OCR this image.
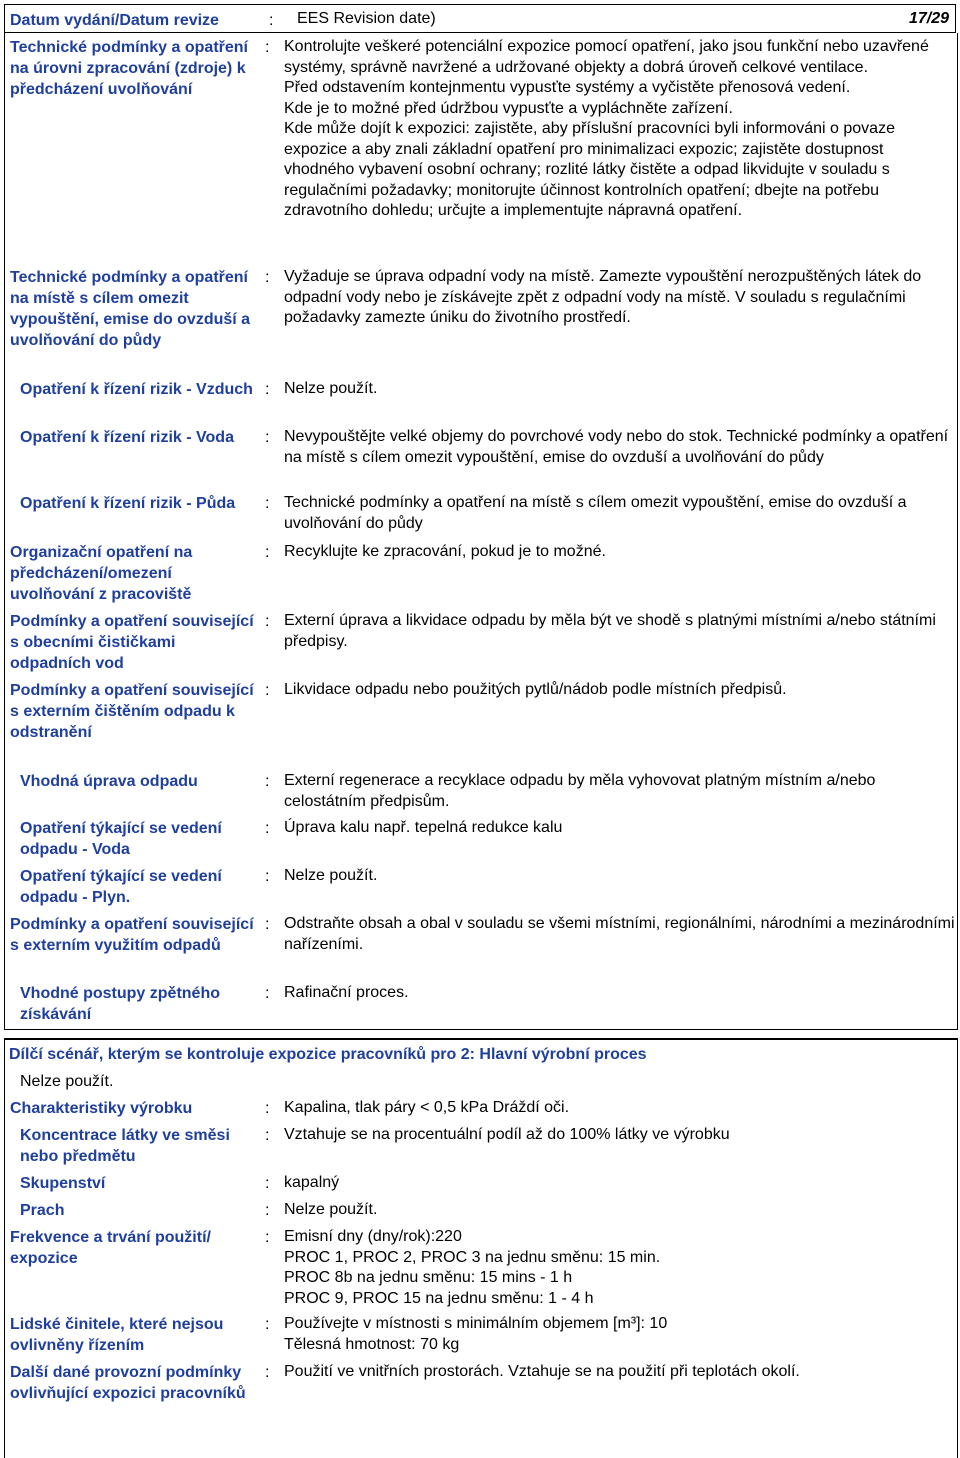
Datum vydání/Datum revize	: EES Revision date)	17/29
Technické podmínky a opatření na úrovni zpracování (zdroje) k předcházení uvolňování
: Kontrolujte veškeré potenciální expozice pomocí opatření, jako jsou funkční nebo uzavřené systémy, správně navržené a udržované objekty a dobrá úroveň celkové ventilace.
Před odstavením kontejnmentu vypusťte systémy a vyčistěte přenosová vedení.
Kde je to možné před údržbou vypusťte a vypláchněte zařízení.
Kde může dojít k expozici: zajistěte, aby příslušní pracovníci byli informováni o povaze expozice a aby znali základní opatření pro minimalizaci expozic; zajistěte dostupnost vhodného vybavení osobní ochrany; rozlité látky čistěte a odpad likvidujte v souladu s regulačními požadavky; monitorujte účinnost kontrolních opatření; dbejte na potřebu zdravotního dohledu; určujte a implementujte nápravná opatření.
Technické podmínky a opatření na místě s cílem omezit vypouštění, emise do ovzduší a uvolňování do půdy
: Vyžaduje se úprava odpadní vody na místě. Zamezte vypouštění nerozpuštěných látek do odpadní vody nebo je získávejte zpět z odpadní vody na místě. V souladu s regulačními požadavky zamezte úniku do životního prostředí.
Opatření k řízení rizik - Vzduch : Nelze použít.
Opatření k řízení rizik - Voda	: Nevypouštějte velké objemy do povrchové vody nebo do stok. Technické podmínky a opatření na místě s cílem omezit vypouštění, emise do ovzduší a uvolňování do půdy
Opatření k řízení rizik - Půda	: Technické podmínky a opatření na místě s cílem omezit vypouštění, emise do ovzduší a uvolňování do půdy
Organizační opatření na předcházení/omezení uvolňování z pracoviště
: Recyklujte ke zpracování, pokud je to možné.
Podmínky a opatření související s obecními čističkami odpadních vod
: Externí úprava a likvidace odpadu by měla být ve shodě s platnými místními a/nebo státními předpisy.
Podmínky a opatření související s externím čištěním odpadu k odstranění
: Likvidace odpadu nebo použitých pytlů/nádob podle místních předpisů.
Vhodná úprava odpadu	: Externí regenerace a recyklace odpadu by měla vyhovovat platným místním a/nebo celostátním předpisům.
Opatření týkající se vedení odpadu - Voda
: Úprava kalu např. tepelná redukce kalu
Opatření týkající se vedení odpadu - Plyn.
: Nelze použít.
Podmínky a opatření související s externím využitím odpadů
: Odstraňte obsah a obal v souladu se všemi místními, regionálními, národními a mezinárodními nařízeními.
Vhodné postupy zpětného získávání
: Rafinační proces.
Dílčí scénář, kterým se kontroluje expozice pracovníků pro 2: Hlavní výrobní proces
Nelze použít.
Charakteristiky výrobku	: Kapalina, tlak páry < 0,5 kPa Dráždí oči.
Koncentrace látky ve směsi nebo předmětu
: Vztahuje se na procentuální podíl až do 100% látky ve výrobku
Skupenství	: kapalný
Prach	: Nelze použít.
Frekvence a trvání použití/ expozice
: Emisní dny (dny/rok):220
PROC 1, PROC 2, PROC 3 na jednu směnu: 15 min.
PROC 8b na jednu směnu: 15 mins - 1 h
PROC 9, PROC 15 na jednu směnu: 1 - 4 h
Lidské činitele, které nejsou ovlivněny řízením
: Používejte v místnosti s minimálním objemem [m³]: 10
Tělesná hmotnost: 70 kg
Další dané provozní podmínky ovlivňující expozici pracovníků
: Použití ve vnitřních prostorách. Vztahuje se na použití při teplotách okolí.
